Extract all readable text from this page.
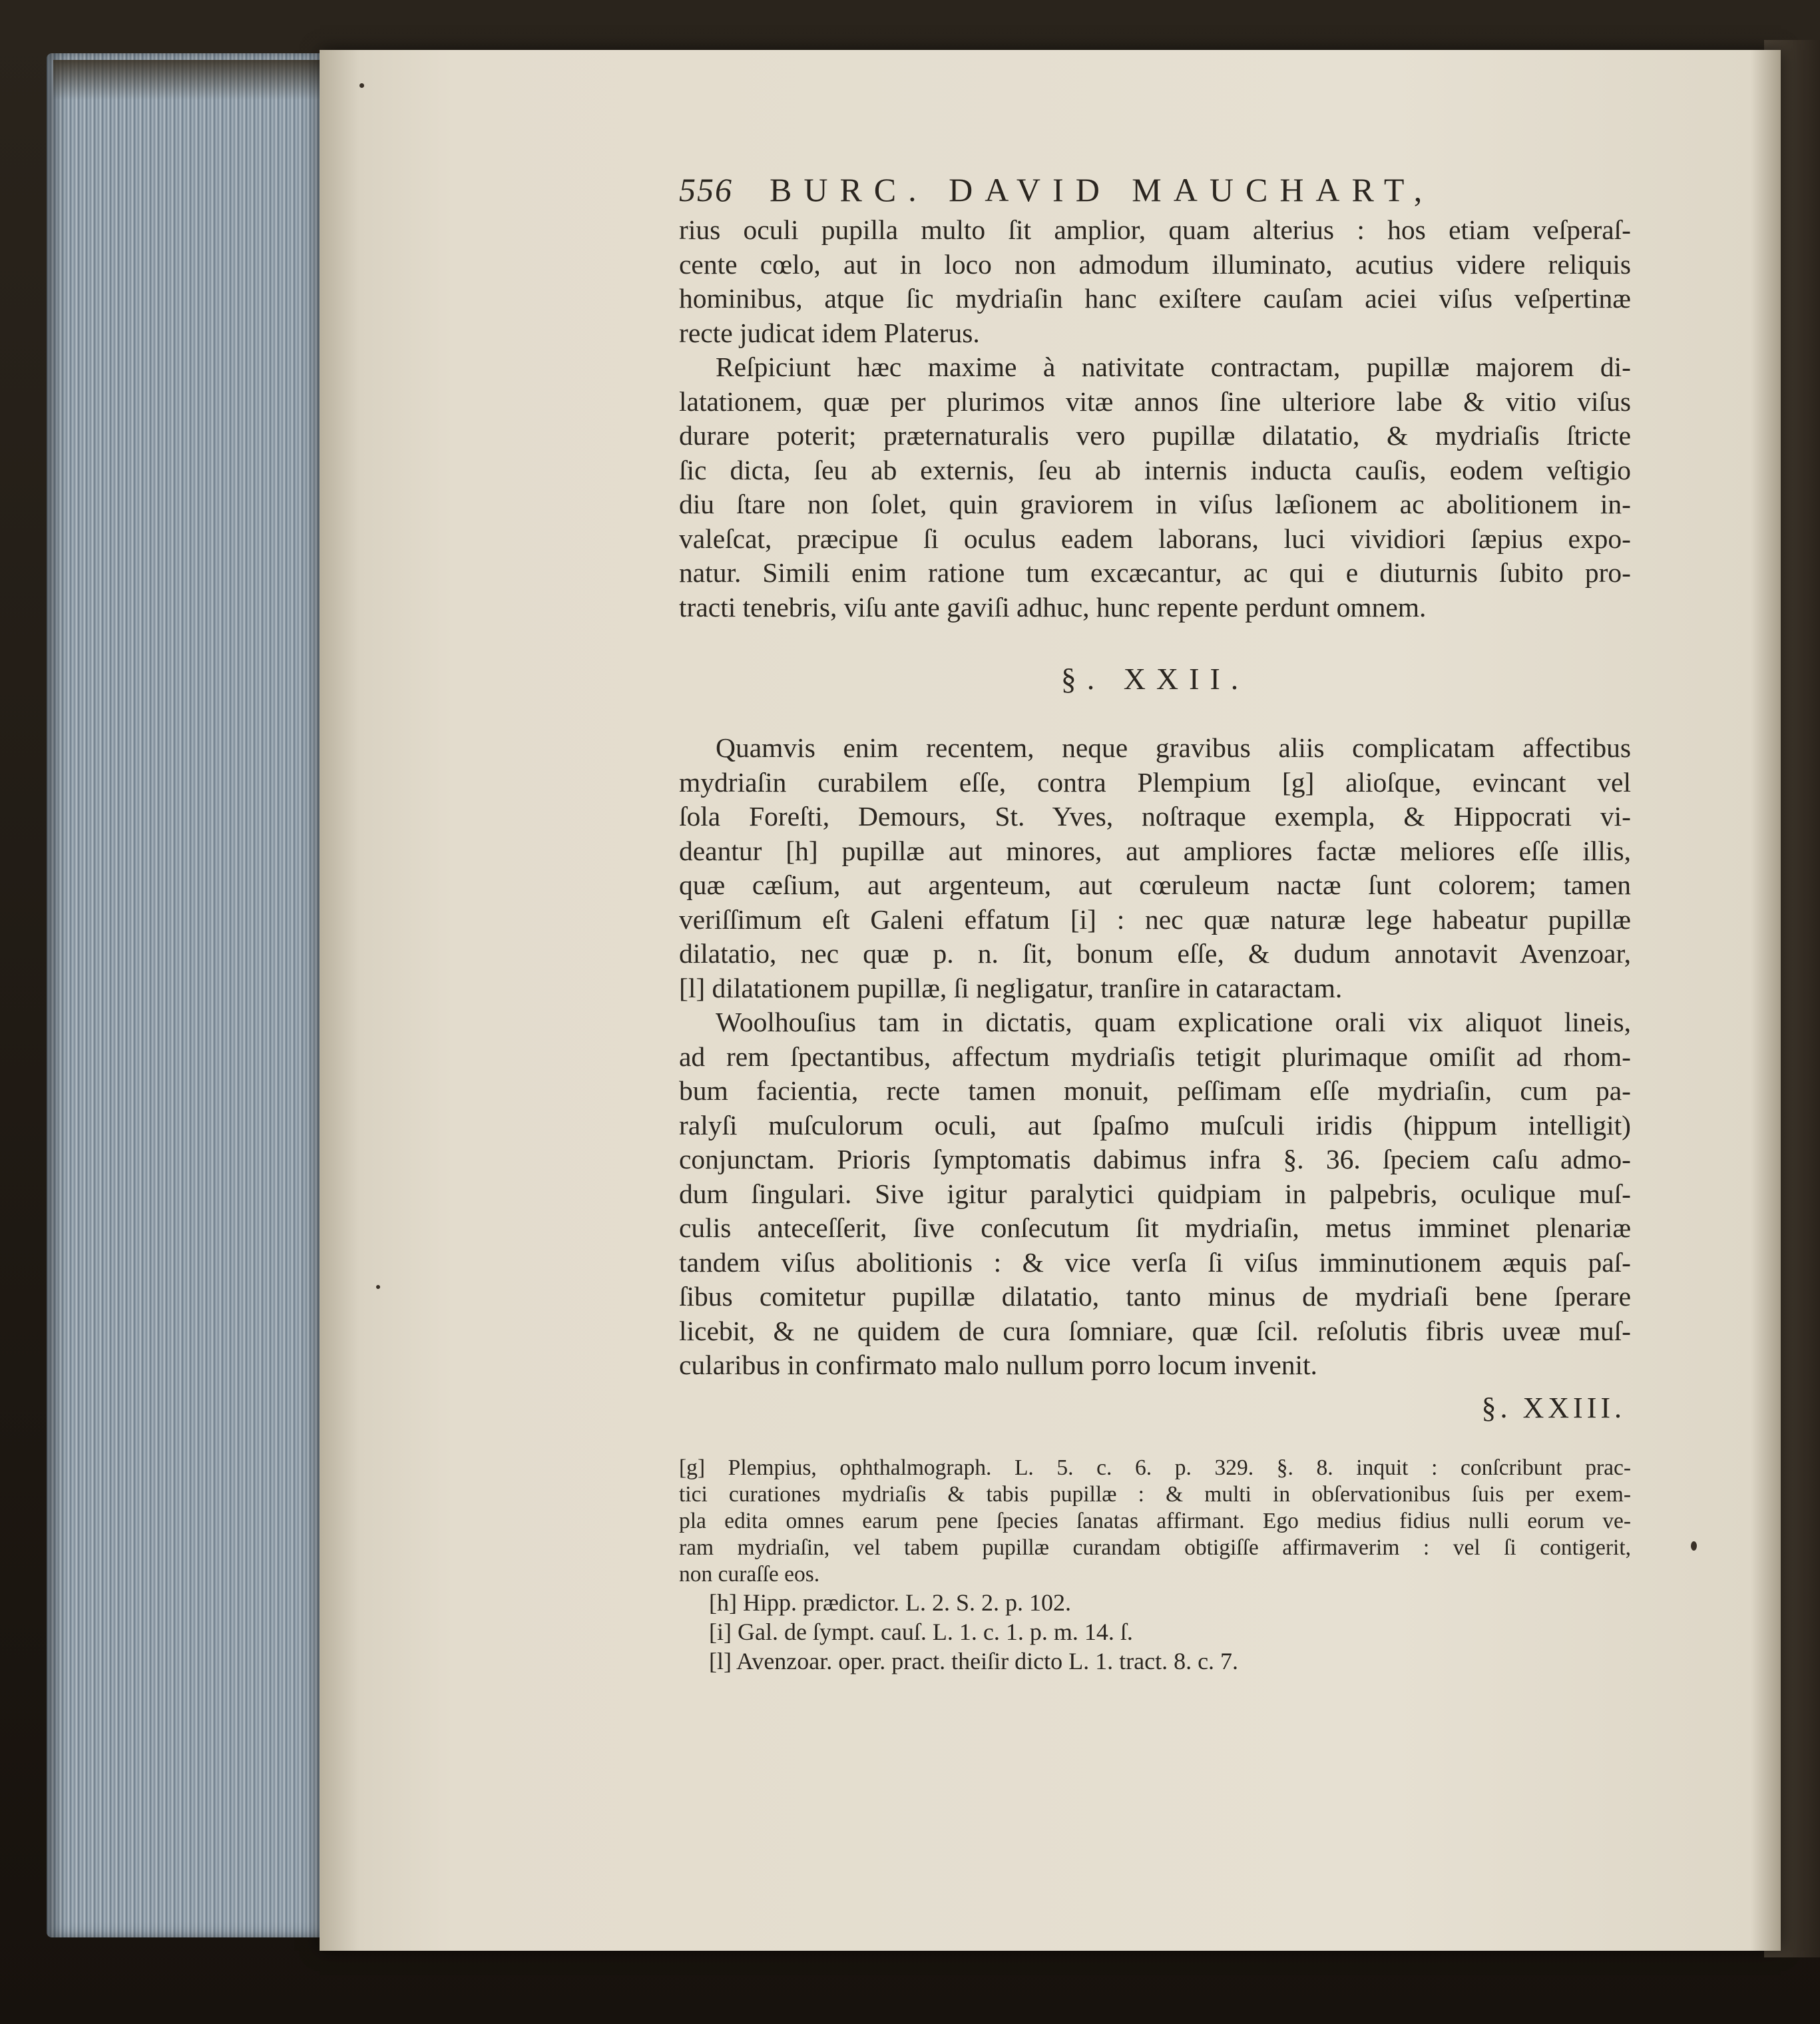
556 BURC. DAVID MAUCHART,
rius oculi pupilla multo ſit amplior, quam alterius : hos etiam veſperaſ-
cente cœlo, aut in loco non admodum illuminato, acutius videre reliquis
hominibus, atque ſic mydriaſin hanc exiſtere cauſam aciei viſus veſpertinæ
recte judicat idem Platerus.
Reſpiciunt hæc maxime à nativitate contractam, pupillæ majorem di-
latationem, quæ per plurimos vitæ annos ſine ulteriore labe & vitio viſus
durare poterit; præternaturalis vero pupillæ dilatatio, & mydriaſis ſtricte
ſic dicta, ſeu ab externis, ſeu ab internis inducta cauſis, eodem veſtigio
diu ſtare non ſolet, quin graviorem in viſus læſionem ac abolitionem in-
valeſcat, præcipue ſi oculus eadem laborans, luci vividiori ſæpius expo-
natur. Simili enim ratione tum excæcantur, ac qui e diuturnis ſubito pro-
tracti tenebris, viſu ante gaviſi adhuc, hunc repente perdunt omnem.
§. XXII.
Quamvis enim recentem, neque gravibus aliis complicatam affectibus
mydriaſin curabilem eſſe, contra Plempium [g] alioſque, evincant vel
ſola Foreſti, Demours, St. Yves, noſtraque exempla, & Hippocrati vi-
deantur [h] pupillæ aut minores, aut ampliores factæ meliores eſſe illis,
quæ cæſium, aut argenteum, aut cœruleum nactæ ſunt colorem; tamen
veriſſimum eſt Galeni effatum [i] : nec quæ naturæ lege habeatur pupillæ
dilatatio, nec quæ p. n. ſit, bonum eſſe, & dudum annotavit Avenzoar,
[l] dilatationem pupillæ, ſi negligatur, tranſire in cataractam.
Woolhouſius tam in dictatis, quam explicatione orali vix aliquot lineis,
ad rem ſpectantibus, affectum mydriaſis tetigit plurimaque omiſit ad rhom-
bum facientia, recte tamen monuit, peſſimam eſſe mydriaſin, cum pa-
ralyſi muſculorum oculi, aut ſpaſmo muſculi iridis (hippum intelligit)
conjunctam. Prioris ſymptomatis dabimus infra §. 36. ſpeciem caſu admo-
dum ſingulari. Sive igitur paralytici quidpiam in palpebris, oculique muſ-
culis anteceſſerit, ſive conſecutum ſit mydriaſin, metus imminet plenariæ
tandem viſus abolitionis : & vice verſa ſi viſus imminutionem æquis paſ-
ſibus comitetur pupillæ dilatatio, tanto minus de mydriaſi bene ſperare
licebit, & ne quidem de cura ſomniare, quæ ſcil. reſolutis fibris uveæ muſ-
cularibus in confirmato malo nullum porro locum invenit.
§. XXIII.
[g] Plempius, ophthalmograph. L. 5. c. 6. p. 329. §. 8. inquit : conſcribunt prac-
tici curationes mydriaſis & tabis pupillæ : & multi in obſervationibus ſuis per exem-
pla edita omnes earum pene ſpecies ſanatas affirmant. Ego medius fidius nulli eorum ve-
ram mydriaſin, vel tabem pupillæ curandam obtigiſſe affirmaverim : vel ſi contigerit,
non curaſſe eos.
[h] Hipp. prædictor. L. 2. S. 2. p. 102.
[i] Gal. de ſympt. cauſ. L. 1. c. 1. p. m. 14. ſ.
[l] Avenzoar. oper. pract. theiſir dicto L. 1. tract. 8. c. 7.
